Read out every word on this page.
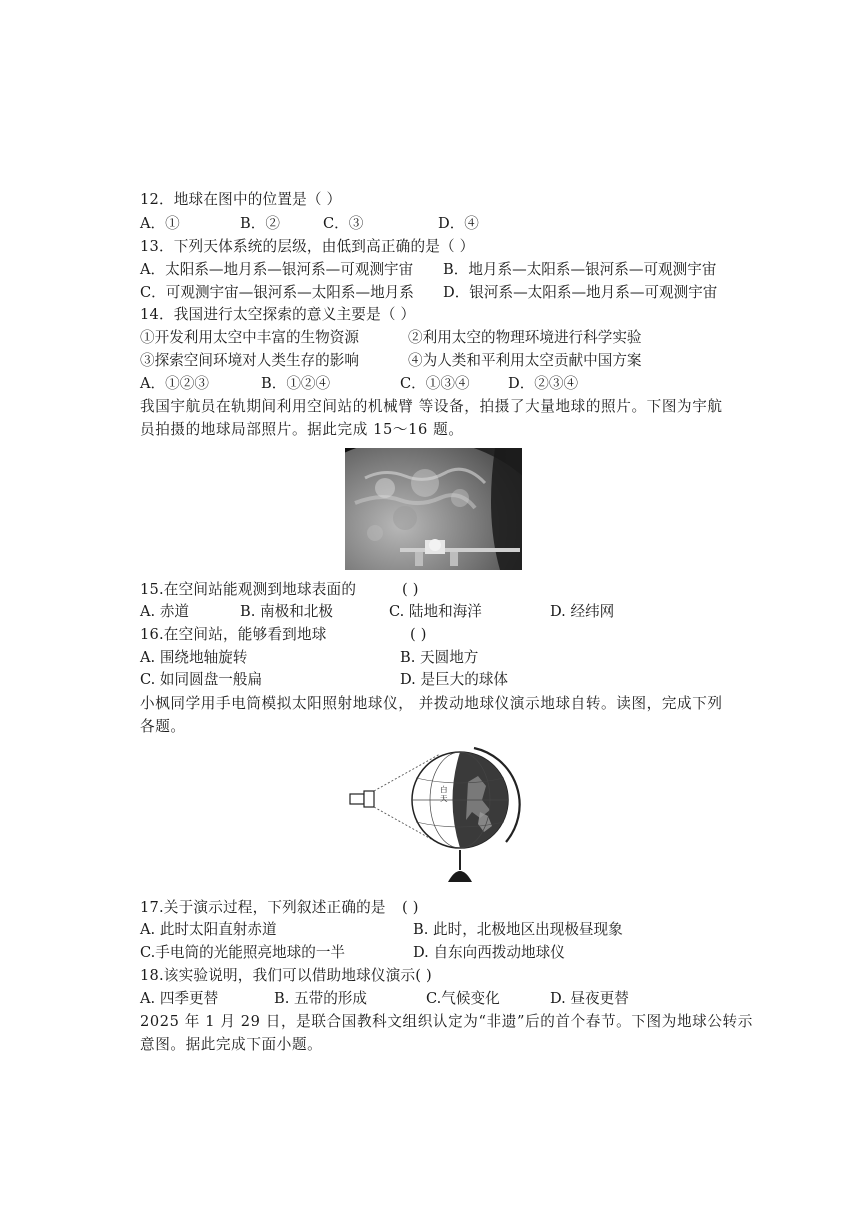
12．地球在图中的位置是（ ）
A．①	B．②	C．③	D．④
13．下列天体系统的层级，由低到高正确的是（ ）
A．太阳系—地月系—银河系—可观测宇宙 B．地月系—太阳系—银河系—可观测宇宙
C．可观测宇宙—银河系—太阳系—地月系 D．银河系—太阳系—地月系—可观测宇宙
14．我国进行太空探索的意义主要是（ ）
①开发利用太空中丰富的生物资源	②利用太空的物理环境进行科学实验
③探索空间环境对人类生存的影响	④为人类和平利用太空贡献中国方案
A．①②③	B．①②④	C．①③④	D．②③④
我国宇航员在轨期间利用空间站的机械臂 等设备，拍摄了大量地球的照片。下图为宇航
员拍摄的地球局部照片。据此完成 15～16 题。
15.在空间站能观测到地球表面的	( )
A. 赤道	B. 南极和北极	C. 陆地和海洋	D. 经纬网
16.在空间站，能够看到地球	( )
A. 围绕地轴旋转	B. 天圆地方
C. 如同圆盘一般扁	D. 是巨大的球体
小枫同学用手电筒模拟太阳照射地球仪， 并拨动地球仪演示地球自转。读图，完成下列
各题。
白 天
17.关于演示过程，下列叙述正确的是 ( )
A. 此时太阳直射赤道	B. 此时，北极地区出现极昼现象
C.手电筒的光能照亮地球的一半	D. 自东向西拨动地球仪
18.该实验说明，我们可以借助地球仪演示( )
A. 四季更替	B. 五带的形成	C.气候变化	D. 昼夜更替
2025 年 1 月 29 日，是联合国教科文组织认定为“非遗”后的首个春节。下图为地球公转示
意图。据此完成下面小题。
